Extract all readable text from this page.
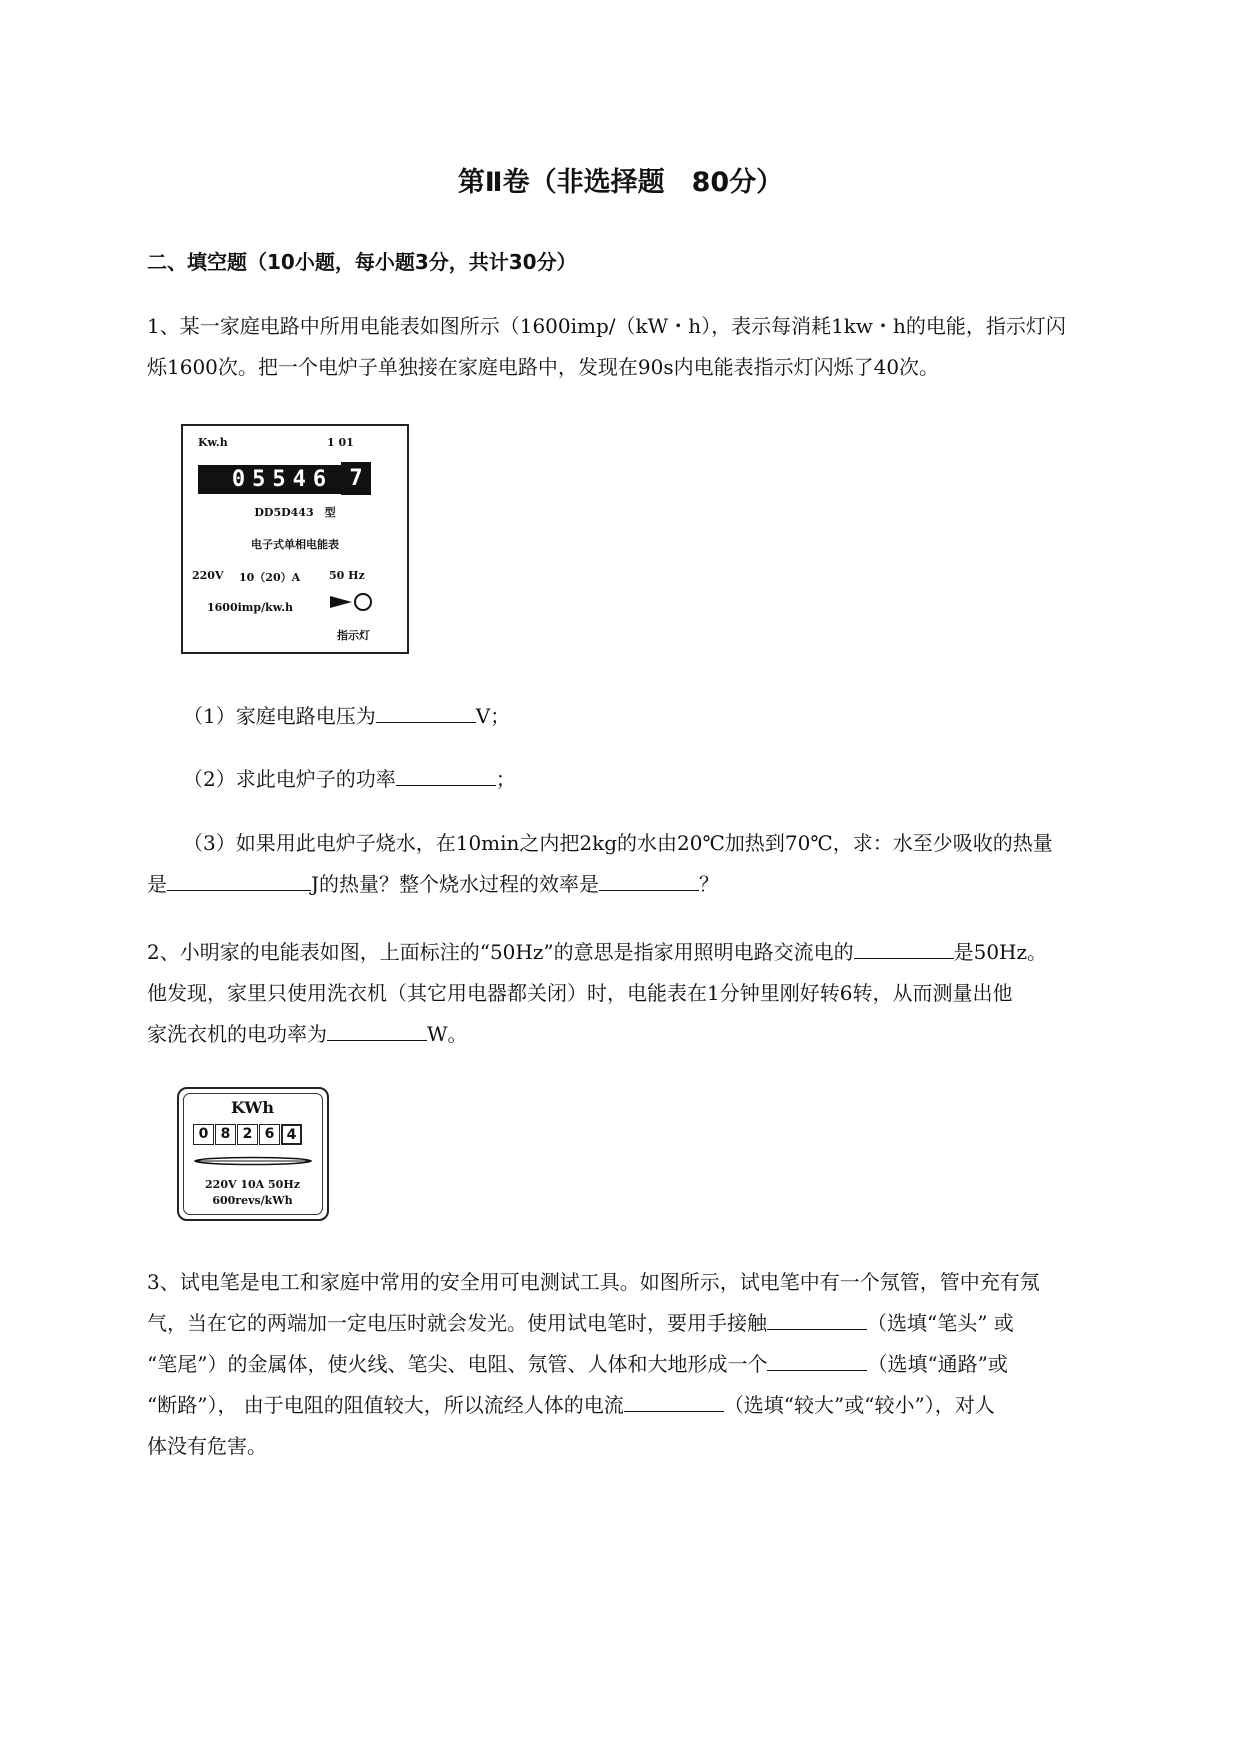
第Ⅱ卷（非选择题　80分）
二、填空题（10小题，每小题3分，共计30分）
1、某一家庭电路中所用电能表如图所示（1600imp/（kW・h），表示每消耗1kw・h的电能，指示灯闪
烁1600次。把一个电炉子单独接在家庭电路中，发现在90s内电能表指示灯闪烁了40次。
Kw.h	1 01
05546 7
DD5D443　型
电子式单相电能表
220V 10（20）A	50 Hz
1600imp/kw.h
指示灯
（1）家庭电路电压为	V；
（2）求此电炉子的功率	；
（3）如果用此电炉子烧水，在10min之内把2kg的水由20℃加热到70℃，求：水至少吸收的热量
是	J的热量？整个烧水过程的效率是	？
2、小明家的电能表如图，上面标注的“50Hz”的意思是指家用照明电路交流电的	是50Hz。
他发现，家里只使用洗衣机（其它用电器都关闭）时，电能表在1分钟里刚好转6转，从而测量出他
家洗衣机的电功率为	W。
KWh
0 8 2 6 4
220V 10A 50Hz
600revs/kWh
3、试电笔是电工和家庭中常用的安全用可电测试工具。如图所示，试电笔中有一个氖管，管中充有氖
气，当在它的两端加一定电压时就会发光。使用试电笔时，要用手接触	（选填“笔头” 或
“笔尾”）的金属体，使火线、笔尖、电阻、氖管、人体和大地形成一个	（选填“通路”或
“断路”）， 由于电阻的阻值较大，所以流经人体的电流	（选填“较大”或“较小”），对人
体没有危害。
